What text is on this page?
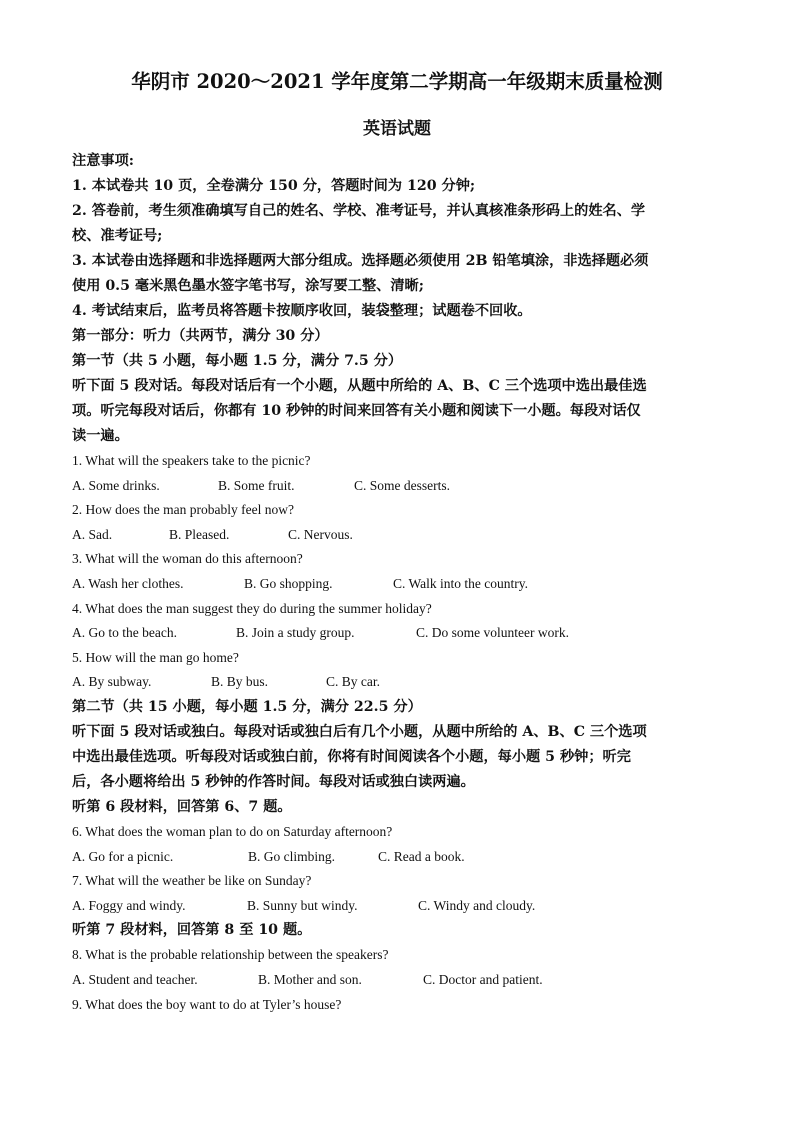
华阴市 2020～2021 学年度第二学期高一年级期末质量检测
英语试题

注意事项:

1. 本试卷共 10 页，全卷满分 150 分，答题时间为 120 分钟;

2. 答卷前，考生须准确填写自己的姓名、学校、准考证号，并认真核准条形码上的姓名、学

校、准考证号;

3. 本试卷由选择题和非选择题两大部分组成。选择题必须使用 2B 铅笔填涂，非选择题必须

使用 0.5 毫米黑色墨水签字笔书写，涂写要工整、清晰;

4. 考试结束后，监考员将答题卡按顺序收回，装袋整理；试题卷不回收。

第一部分：听力（共两节，满分 30 分）

第一节（共 5 小题，每小题 1.5 分，满分 7.5 分）

听下面 5 段对话。每段对话后有一个小题，从题中所给的 A、B、C 三个选项中选出最佳选

项。听完每段对话后，你都有 10 秒钟的时间来回答有关小题和阅读下一小题。每段对话仅

读一遍。

1. What will the speakers take to the picnic?

A. Some drinks.	B. Some fruit.	C. Some desserts.

2. How does the man probably feel now?

A. Sad.	B. Pleased.	C. Nervous.

3. What will the woman do this afternoon?

A. Wash her clothes.	B. Go shopping.	C. Walk into the country.

4. What does the man suggest they do during the summer holiday?

A. Go to the beach.	B. Join a study group.	C. Do some volunteer work.

5. How will the man go home?

A. By subway.	B. By bus.	C. By car.

第二节（共 15 小题，每小题 1.5 分，满分 22.5 分）

听下面 5 段对话或独白。每段对话或独白后有几个小题，从题中所给的 A、B、C 三个选项

中选出最佳选项。听每段对话或独白前，你将有时间阅读各个小题，每小题 5 秒钟；听完

后，各小题将给出 5 秒钟的作答时间。每段对话或独白读两遍。

听第 6 段材料，回答第 6、7 题。

6. What does the woman plan to do on Saturday afternoon?

A. Go for a picnic.	B. Go climbing.	C. Read a book.

7. What will the weather be like on Sunday?

A. Foggy and windy.	B. Sunny but windy.	C. Windy and cloudy.

听第 7 段材料，回答第 8 至 10 题。

8. What is the probable relationship between the speakers?

A. Student and teacher.	B. Mother and son.	C. Doctor and patient.

9. What does the boy want to do at Tyler’s house?
